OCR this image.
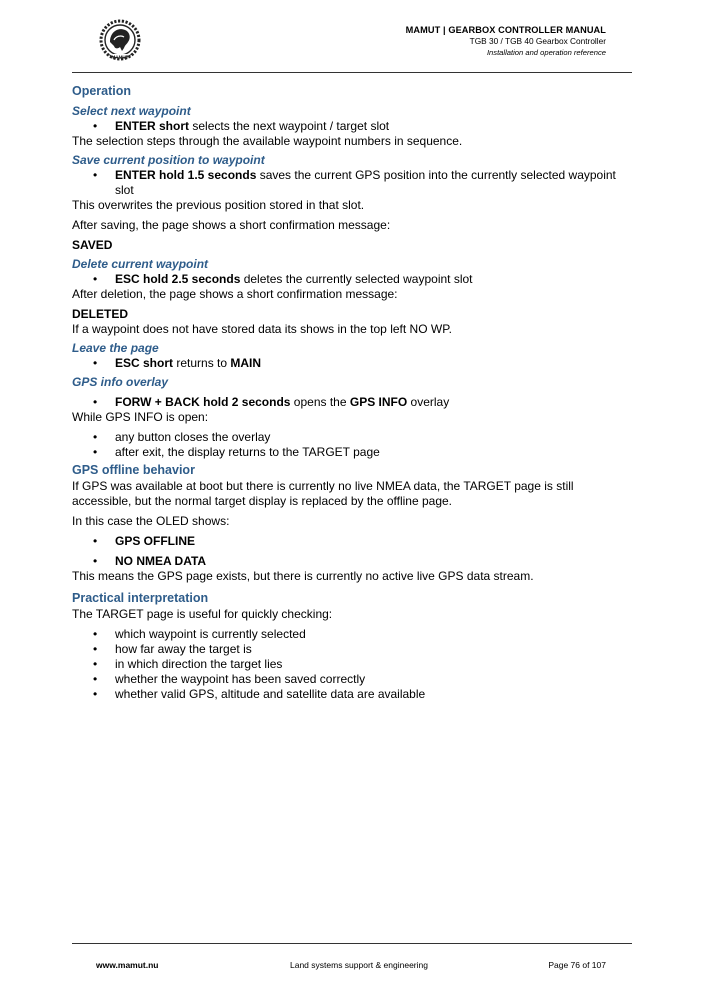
MAMUT
MAMUT | GEARBOX CONTROLLER MANUAL
TGB 30 / TGB 40 Gearbox Controller
Installation and operation reference
Operation
Select next waypoint
• ENTER short selects the next waypoint / target slot

The selection steps through the available waypoint numbers in sequence.

Save current position to waypoint
• ENTER hold 1.5 seconds saves the current GPS position into the currently selected waypoint slot

This overwrites the previous position stored in that slot.

After saving, the page shows a short confirmation message:

SAVED

Delete current waypoint
• ESC hold 2.5 seconds deletes the currently selected waypoint slot

After deletion, the page shows a short confirmation message:

DELETED

If a waypoint does not have stored data its shows in the top left NO WP.

Leave the page
• ESC short returns to MAIN
GPS info overlay
• FORW + BACK hold 2 seconds opens the GPS INFO overlay

While GPS INFO is open:

• any button closes the overlay
• after exit, the display returns to the TARGET page
GPS offline behavior

If GPS was available at boot but there is currently no live NMEA data, the TARGET page is still accessible, but the normal target display is replaced by the offline page.

In this case the OLED shows:

• GPS OFFLINE
• NO NMEA DATA

This means the GPS page exists, but there is currently no active live GPS data stream.

Practical interpretation

The TARGET page is useful for quickly checking:

• which waypoint is currently selected
• how far away the target is
• in which direction the target lies
• whether the waypoint has been saved correctly
• whether valid GPS, altitude and satellite data are available
www.mamut.nu	Land systems support & engineering	Page 76 of 107
